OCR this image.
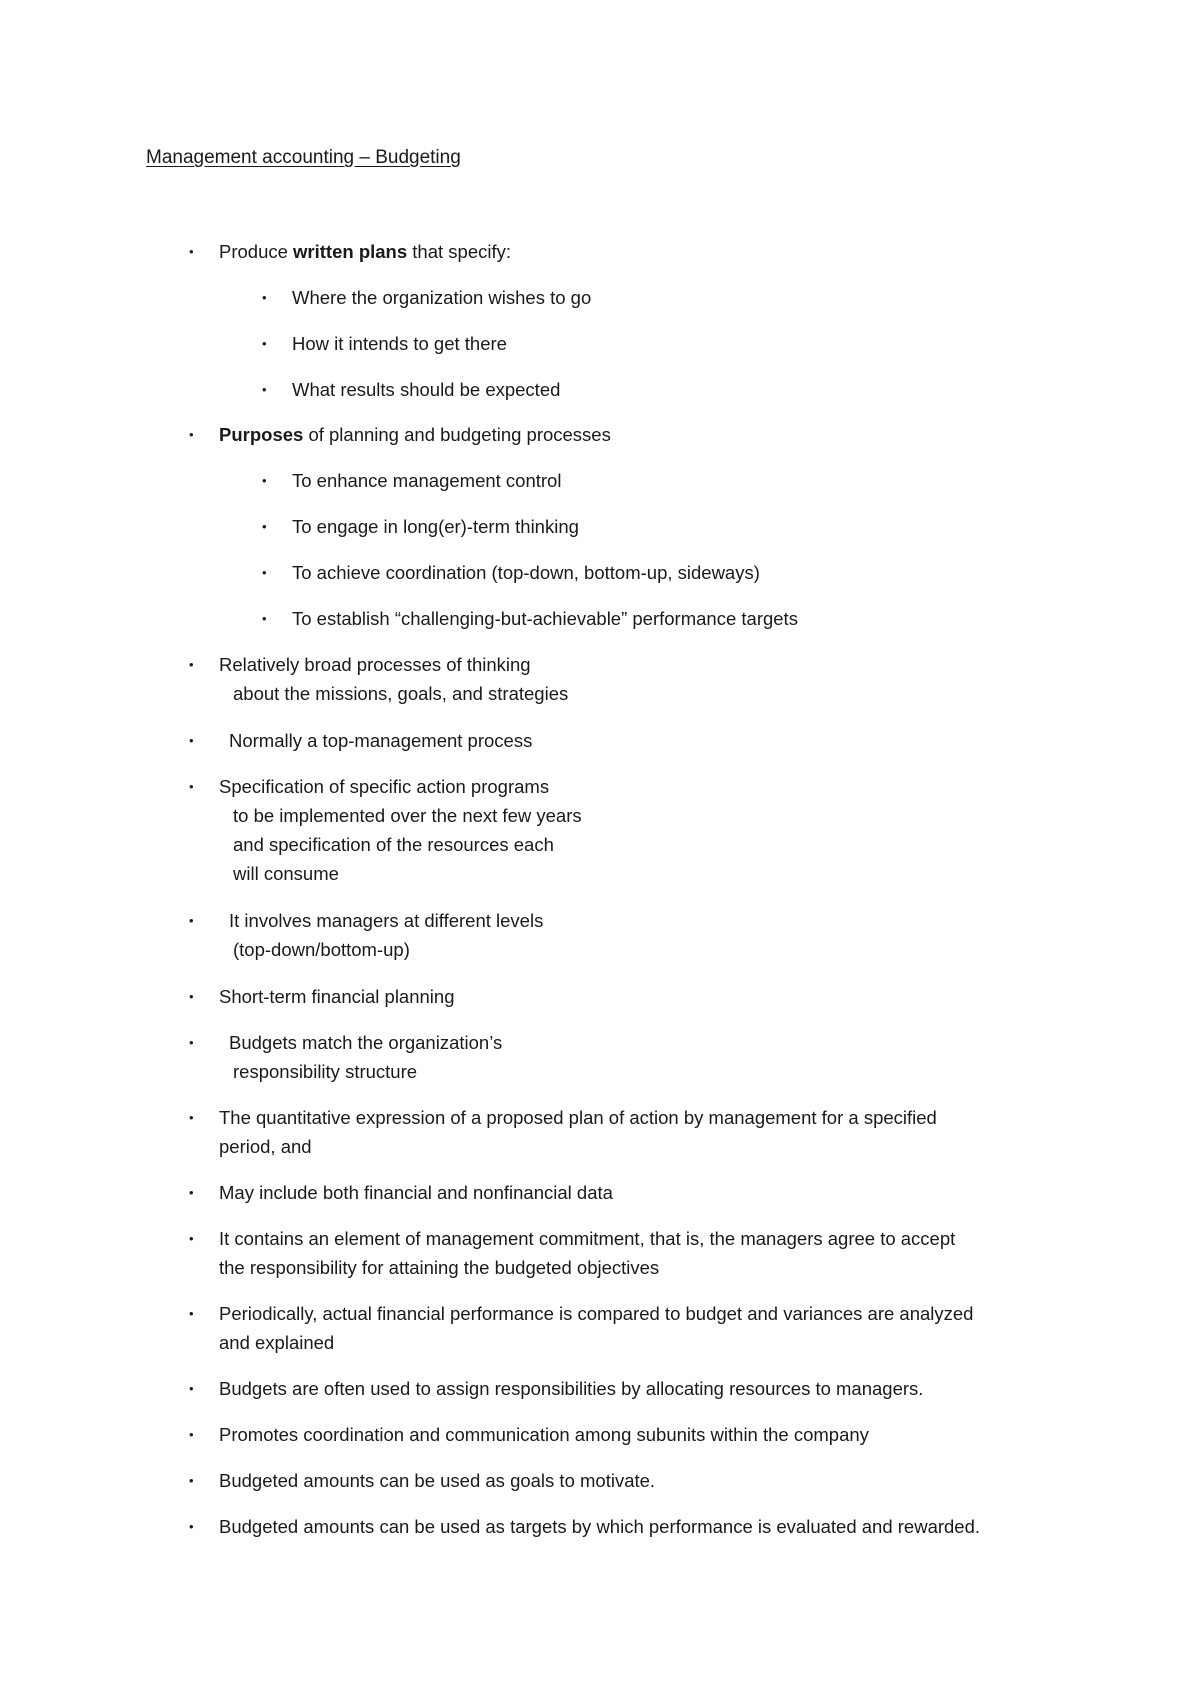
Management accounting – Budgeting
• Produce written plans that specify:
• Where the organization wishes to go
• How it intends to get there
• What results should be expected
• Purposes of planning and budgeting processes
• To enhance management control
• To engage in long(er)-term thinking
• To achieve coordination (top-down, bottom-up, sideways)
• To establish “challenging-but-achievable” performance targets
• Relatively broad processes of thinking
about the missions, goals, and strategies
•	Normally a top-management process
• Specification of specific action programs
to be implemented over the next few years
and specification of the resources each
will consume
•	It involves managers at different levels
(top-down/bottom-up)
• Short-term financial planning
•	Budgets match the organization’s
responsibility structure
• The quantitative expression of a proposed plan of action by management for a specified
period, and
• May include both financial and nonfinancial data
• It contains an element of management commitment, that is, the managers agree to accept
the responsibility for attaining the budgeted objectives
• Periodically, actual financial performance is compared to budget and variances are analyzed
and explained
• Budgets are often used to assign responsibilities by allocating resources to managers.
• Promotes coordination and communication among subunits within the company
• Budgeted amounts can be used as goals to motivate.
• Budgeted amounts can be used as targets by which performance is evaluated and rewarded.
